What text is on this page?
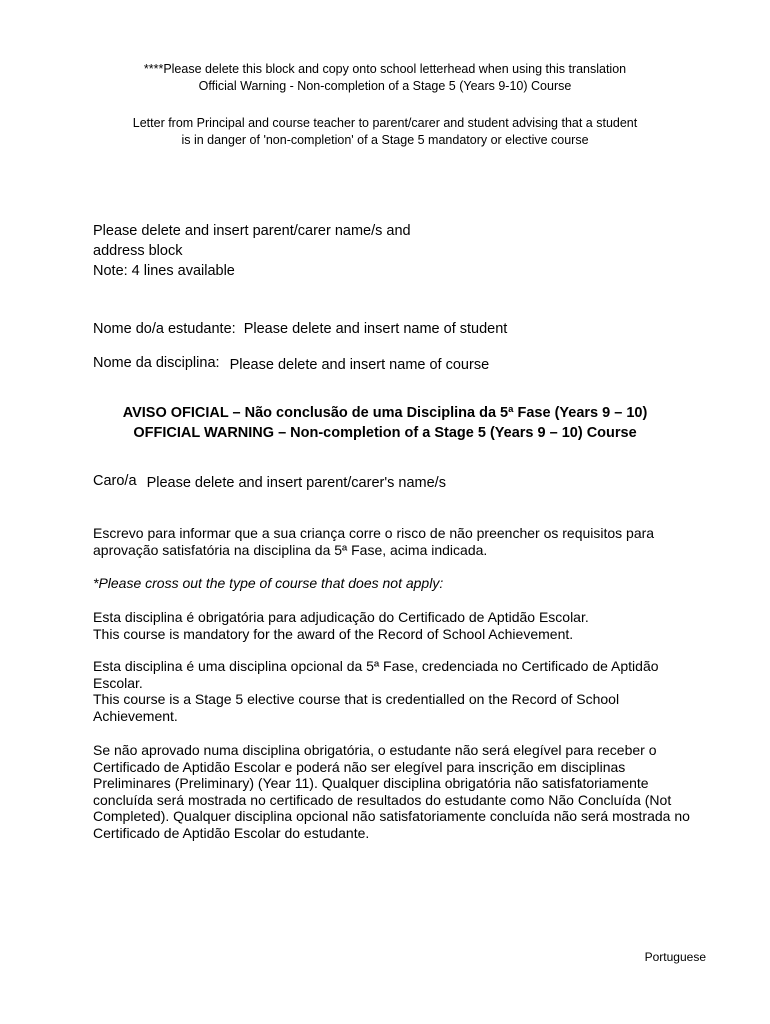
****Please delete this block and copy onto school letterhead when using this translation

Official Warning - Non-completion of a Stage 5 (Years 9-10) Course

Letter from Principal and course teacher to parent/carer and student advising that a student

is in danger of 'non-completion' of a Stage 5 mandatory or elective course

Please delete and insert parent/carer name/s and

address block

Note: 4 lines available

Nome do/a estudante: Please delete and insert name of student
Nome da disciplina: Please delete and insert name of course

AVISO OFICIAL – Não conclusão de uma Disciplina da 5ª Fase (Years 9 – 10)

OFFICIAL WARNING – Non-completion of a Stage 5 (Years 9 – 10) Course

Caro/a Please delete and insert parent/carer's name/s

Escrevo para informar que a sua criança corre o risco de não preencher os requisitos para aprovação satisfatória na disciplina da 5ª Fase, acima indicada.

*Please cross out the type of course that does not apply:

Esta disciplina é obrigatória para adjudicação do Certificado de Aptidão Escolar.

This course is mandatory for the award of the Record of School Achievement.

Esta disciplina é uma disciplina opcional da 5ª Fase, credenciada no Certificado de Aptidão Escolar.

This course is a Stage 5 elective course that is credentialled on the Record of School Achievement.

Se não aprovado numa disciplina obrigatória, o estudante não será elegível para receber o Certificado de Aptidão Escolar e poderá não ser elegível para inscrição em disciplinas Preliminares (Preliminary) (Year 11). Qualquer disciplina obrigatória não satisfatoriamente concluída será mostrada no certificado de resultados do estudante como Não Concluída (Not Completed). Qualquer disciplina opcional não satisfatoriamente concluída não será mostrada no Certificado de Aptidão Escolar do estudante.

Portuguese
